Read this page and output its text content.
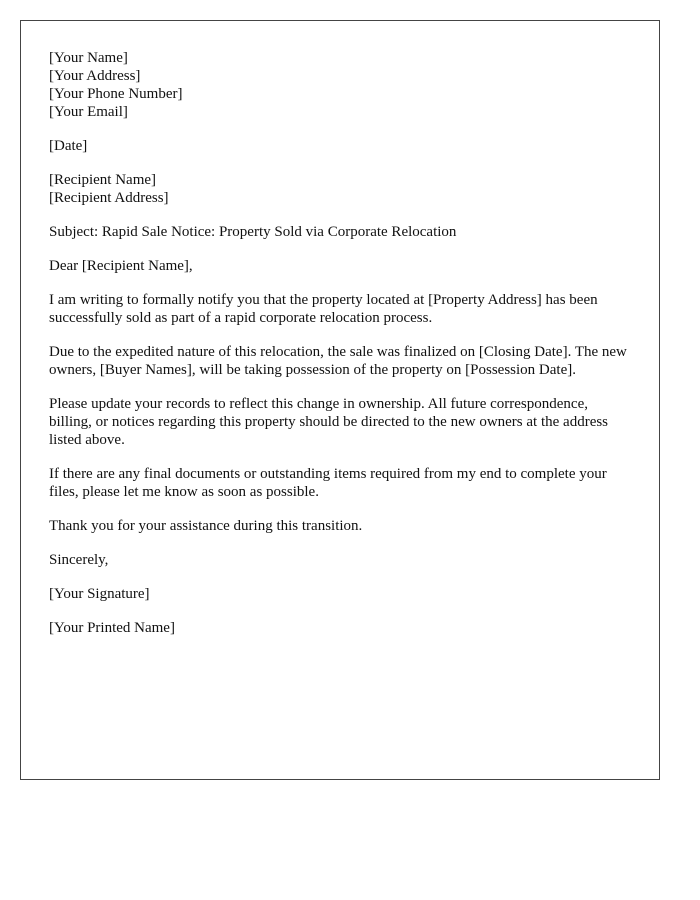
[Your Name]
[Your Address]
[Your Phone Number]
[Your Email]
[Date]
[Recipient Name]
[Recipient Address]

Subject: Rapid Sale Notice: Property Sold via Corporate Relocation

Dear [Recipient Name],

I am writing to formally notify you that the property located at [Property Address] has been successfully sold as part of a rapid corporate relocation process.

Due to the expedited nature of this relocation, the sale was finalized on [Closing Date]. The new owners, [Buyer Names], will be taking possession of the property on [Possession Date].

Please update your records to reflect this change in ownership. All future correspondence, billing, or notices regarding this property should be directed to the new owners at the address listed above.

If there are any final documents or outstanding items required from my end to complete your files, please let me know as soon as possible.

Thank you for your assistance during this transition.

Sincerely,

[Your Signature]

[Your Printed Name]
